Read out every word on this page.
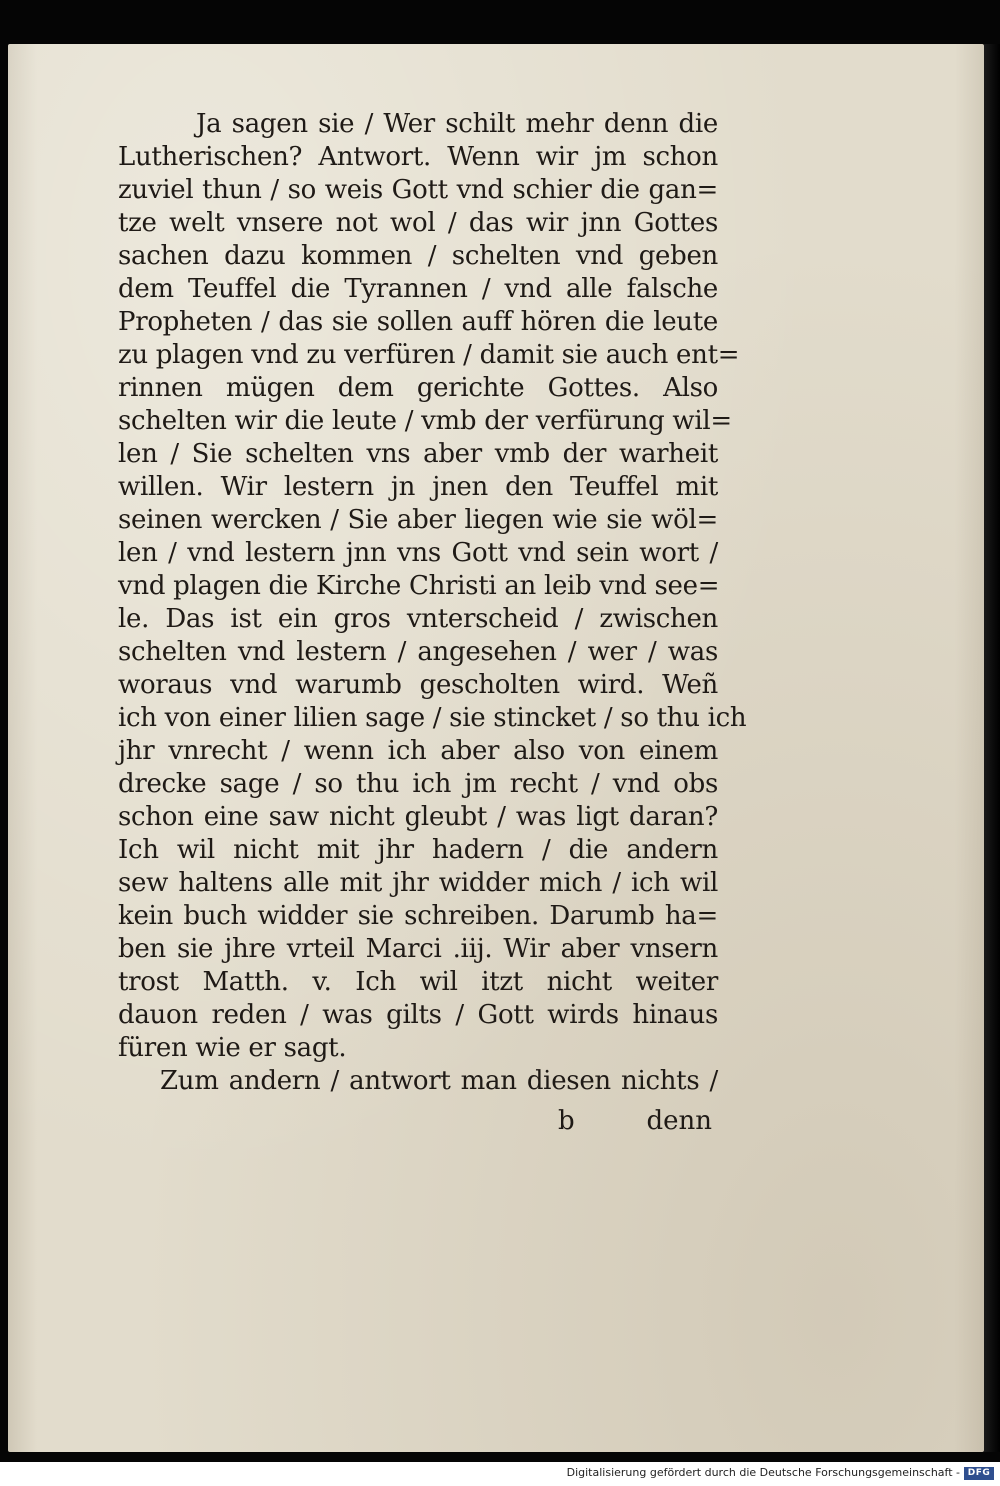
Ja sagen sie / Wer schilt mehr denn die
Lutherischen? Antwort. Wenn wir jm schon
zuviel thun / so weis Gott vnd schier die gan=
tze welt vnsere not wol / das wir jnn Gottes
sachen dazu kommen / schelten vnd geben
dem Teuffel die Tyrannen / vnd alle falsche
Propheten / das sie sollen auff hören die leute
zu plagen vnd zu verfüren / damit sie auch ent=
rinnen mügen dem gerichte Gottes. Also
schelten wir die leute / vmb der verfürung wil=
len / Sie schelten vns aber vmb der warheit
willen. Wir lestern jn jnen den Teuffel mit
seinen wercken / Sie aber liegen wie sie wöl=
len / vnd lestern jnn vns Gott vnd sein wort /
vnd plagen die Kirche Christi an leib vnd see=
le. Das ist ein gros vnterscheid / zwischen
schelten vnd lestern / angesehen / wer / was
woraus vnd warumb gescholten wird. Weñ
ich von einer lilien sage / sie stincket / so thu ich
jhr vnrecht / wenn ich aber also von einem
drecke sage / so thu ich jm recht / vnd obs
schon eine saw nicht gleubt / was ligt daran?
Ich wil nicht mit jhr hadern / die andern
sew haltens alle mit jhr widder mich / ich wil
kein buch widder sie schreiben. Darumb ha=
ben sie jhre vrteil Marci .iij. Wir aber vnsern
trost Matth. v. Ich wil itzt nicht weiter
dauon reden / was gilts / Gott wirds hinaus
füren wie er sagt.
Zum andern / antwort man diesen nichts /
b	denn
Digitalisierung gefördert durch die Deutsche Forschungsgemeinschaft - DFG
